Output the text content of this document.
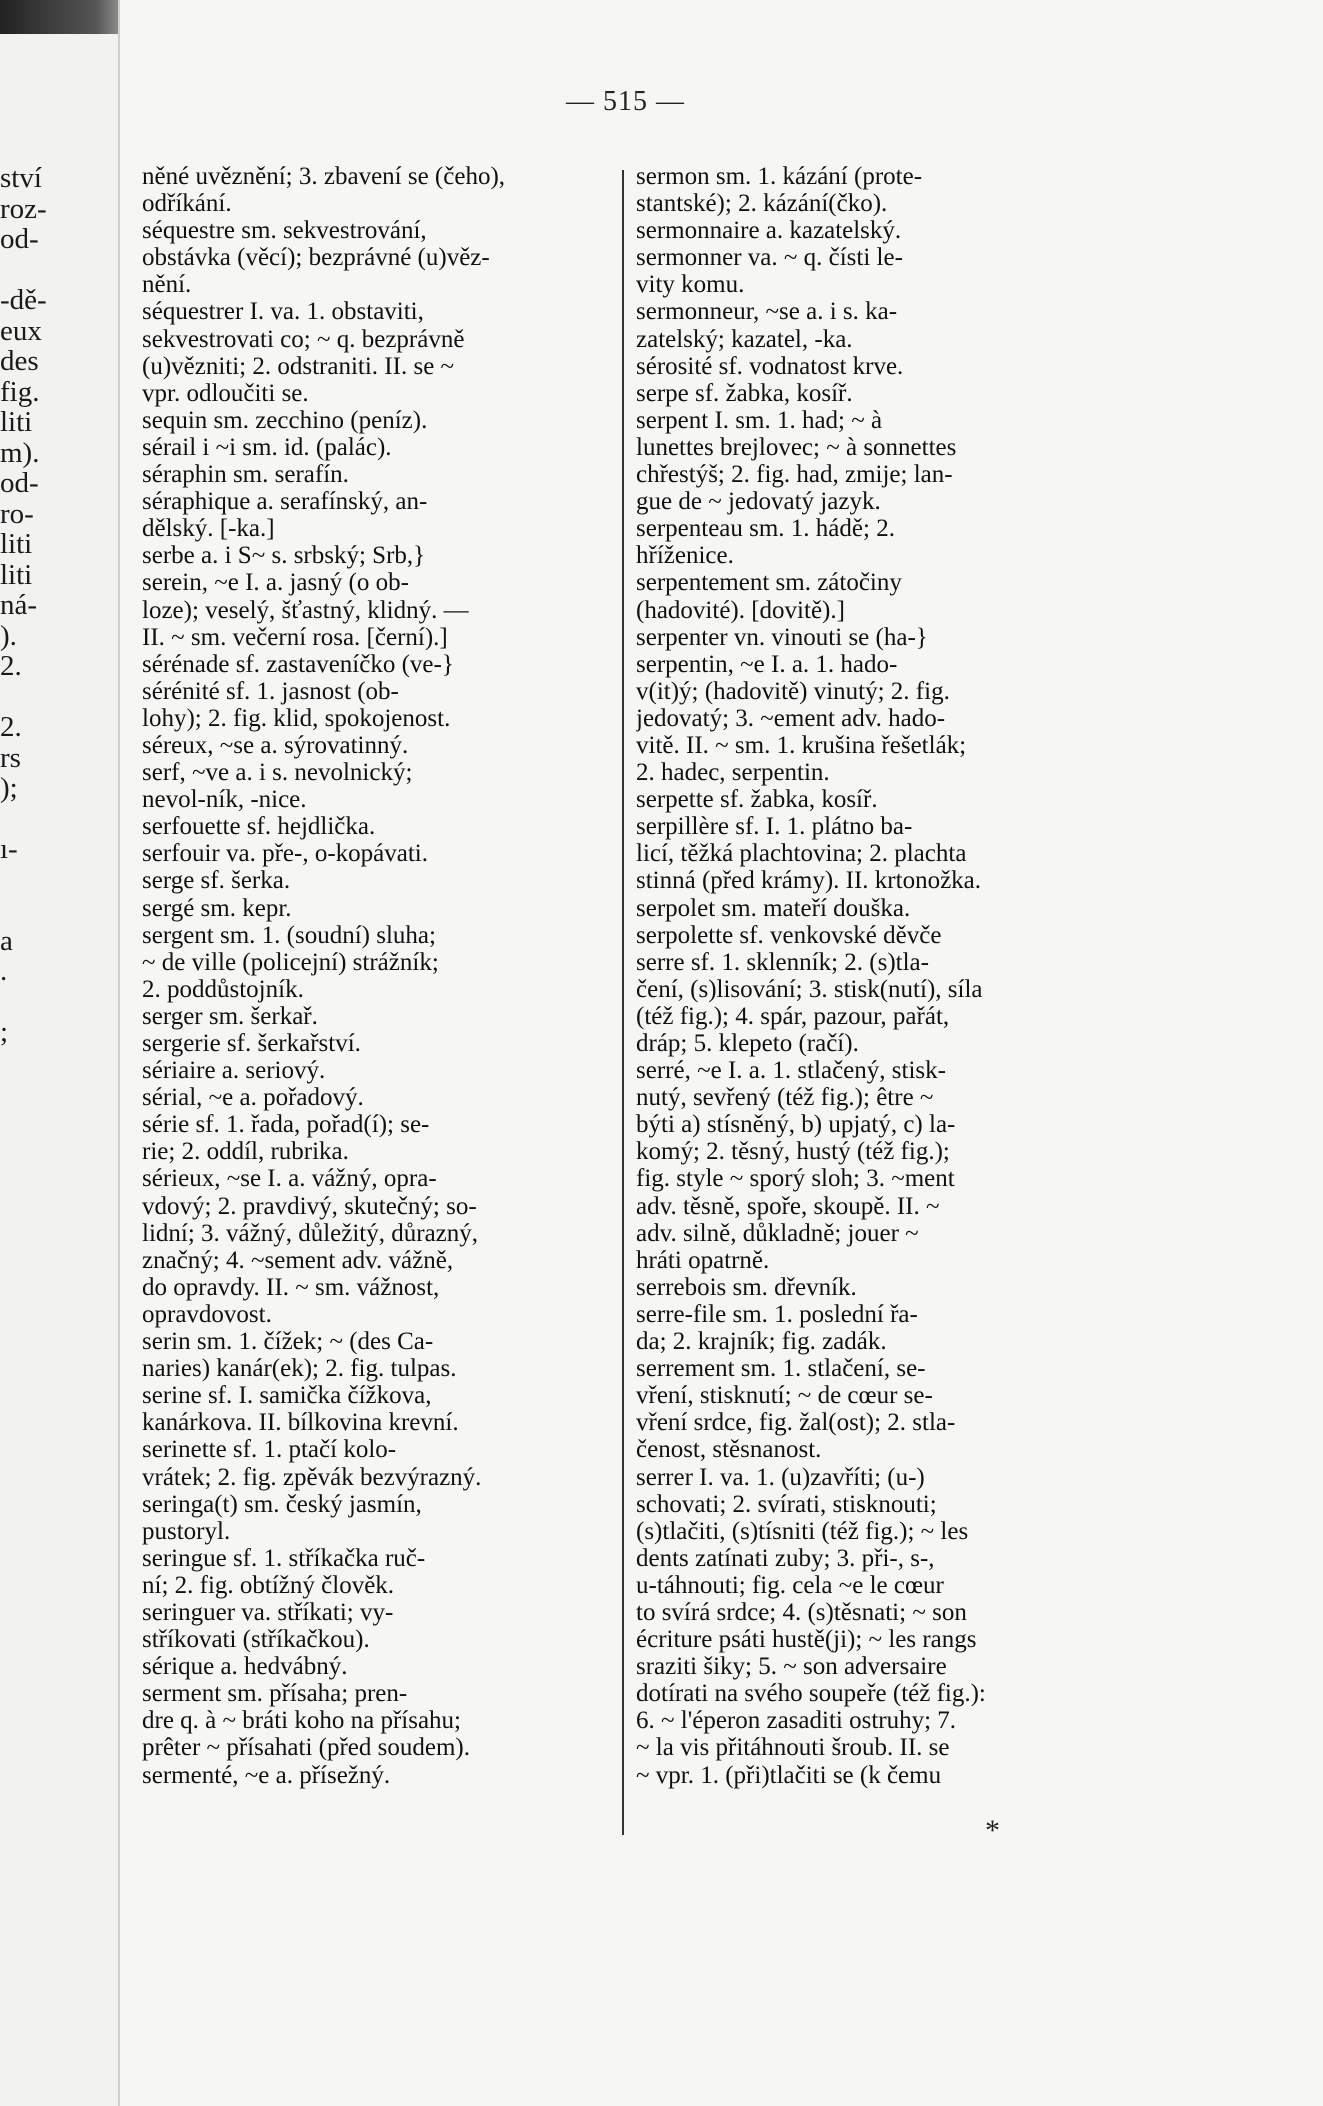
ství
roz-
od-
-dě-
eux
des
fig.
liti
m).
od-
ro-
liti
liti
ná-
).
2.
2.
rs
);
ı-
a
.
;
— 515 —
něné uvěznění; 3. zbavení se (čeho),
odříkání.
séquestre sm. sekvestrování,
obstávka (věcí); bezprávné (u)věz-
nění.
séquestrer I. va. 1. obstaviti,
sekvestrovati co; ~ q. bezprávně
(u)vězniti; 2. odstraniti. II. se ~
vpr. odloučiti se.
sequin sm. zecchino (peníz).
sérail i ~i sm. id. (palác).
séraphin sm. serafín.
séraphique a. serafínský, an-
dělský. [-ka.]
serbe a. i S~ s. srbský; Srb,}
serein, ~e I. a. jasný (o ob-
loze); veselý, šťastný, klidný. —
II. ~ sm. večerní rosa. [černí).]
sérénade sf. zastaveníčko (ve-}
sérénité sf. 1. jasnost (ob-
lohy); 2. fig. klid, spokojenost.
séreux, ~se a. sýrovatinný.
serf, ~ve a. i s. nevolnický;
nevol-ník, -nice.
serfouette sf. hejdlička.
serfouir va. pře-, o-kopávati.
serge sf. šerka.
sergé sm. kepr.
sergent sm. 1. (soudní) sluha;
~ de ville (policejní) strážník;
2. poddůstojník.
serger sm. šerkař.
sergerie sf. šerkařství.
sériaire a. seriový.
sérial, ~e a. pořadový.
série sf. 1. řada, pořad(í); se-
rie; 2. oddíl, rubrika.
sérieux, ~se I. a. vážný, opra-
vdový; 2. pravdivý, skutečný; so-
lidní; 3. vážný, důležitý, důrazný,
značný; 4. ~sement adv. vážně,
do opravdy. II. ~ sm. vážnost,
opravdovost.
serin sm. 1. čížek; ~ (des Ca-
naries) kanár(ek); 2. fig. tulpas.
serine sf. I. samička čížkova,
kanárkova. II. bílkovina krevní.
serinette sf. 1. ptačí kolo-
vrátek; 2. fig. zpěvák bezvýrazný.
seringa(t) sm. český jasmín,
pustoryl.
seringue sf. 1. stříkačka ruč-
ní; 2. fig. obtížný člověk.
seringuer va. stříkati; vy-
stříkovati (stříkačkou).
sérique a. hedvábný.
serment sm. přísaha; pren-
dre q. à ~ bráti koho na přísahu;
prêter ~ přísahati (před soudem).
sermenté, ~e a. přísežný.
sermon sm. 1. kázání (prote-
stantské); 2. kázání(čko).
sermonnaire a. kazatelský.
sermonner va. ~ q. čísti le-
vity komu.
sermonneur, ~se a. i s. ka-
zatelský; kazatel, -ka.
sérosité sf. vodnatost krve.
serpe sf. žabka, kosíř.
serpent I. sm. 1. had; ~ à
lunettes brejlovec; ~ à sonnettes
chřestýš; 2. fig. had, zmije; lan-
gue de ~ jedovatý jazyk.
serpenteau sm. 1. hádě; 2.
hříženice.
serpentement sm. zátočiny
(hadovité). [dovitě).]
serpenter vn. vinouti se (ha-}
serpentin, ~e I. a. 1. hado-
v(it)ý; (hadovitě) vinutý; 2. fig.
jedovatý; 3. ~ement adv. hado-
vitě. II. ~ sm. 1. krušina řešetlák;
2. hadec, serpentin.
serpette sf. žabka, kosíř.
serpillère sf. I. 1. plátno ba-
licí, těžká plachtovina; 2. plachta
stinná (před krámy). II. krtonožka.
serpolet sm. mateří douška.
serpolette sf. venkovské děvče
serre sf. 1. sklenník; 2. (s)tla-
čení, (s)lisování; 3. stisk(nutí), síla
(též fig.); 4. spár, pazour, pařát,
dráp; 5. klepeto (račí).
serré, ~e I. a. 1. stlačený, stisk-
nutý, sevřený (též fig.); être ~
býti a) stísněný, b) upjatý, c) la-
komý; 2. těsný, hustý (též fig.);
fig. style ~ sporý sloh; 3. ~ment
adv. těsně, spoře, skoupě. II. ~
adv. silně, důkladně; jouer ~
hráti opatrně.
serrebois sm. dřevník.
serre-file sm. 1. poslední řa-
da; 2. krajník; fig. zadák.
serrement sm. 1. stlačení, se-
vření, stisknutí; ~ de cœur se-
vření srdce, fig. žal(ost); 2. stla-
čenost, stěsnanost.
serrer I. va. 1. (u)zavříti; (u-)
schovati; 2. svírati, stisknouti;
(s)tlačiti, (s)tísniti (též fig.); ~ les
dents zatínati zuby; 3. při-, s-,
u-táhnouti; fig. cela ~e le cœur
to svírá srdce; 4. (s)těsnati; ~ son
écriture psáti hustě(ji); ~ les rangs
sraziti šiky; 5. ~ son adversaire
dotírati na svého soupeře (též fig.):
6. ~ l'éperon zasaditi ostruhy; 7.
~ la vis přitáhnouti šroub. II. se
~ vpr. 1. (při)tlačiti se (k čemu
*
